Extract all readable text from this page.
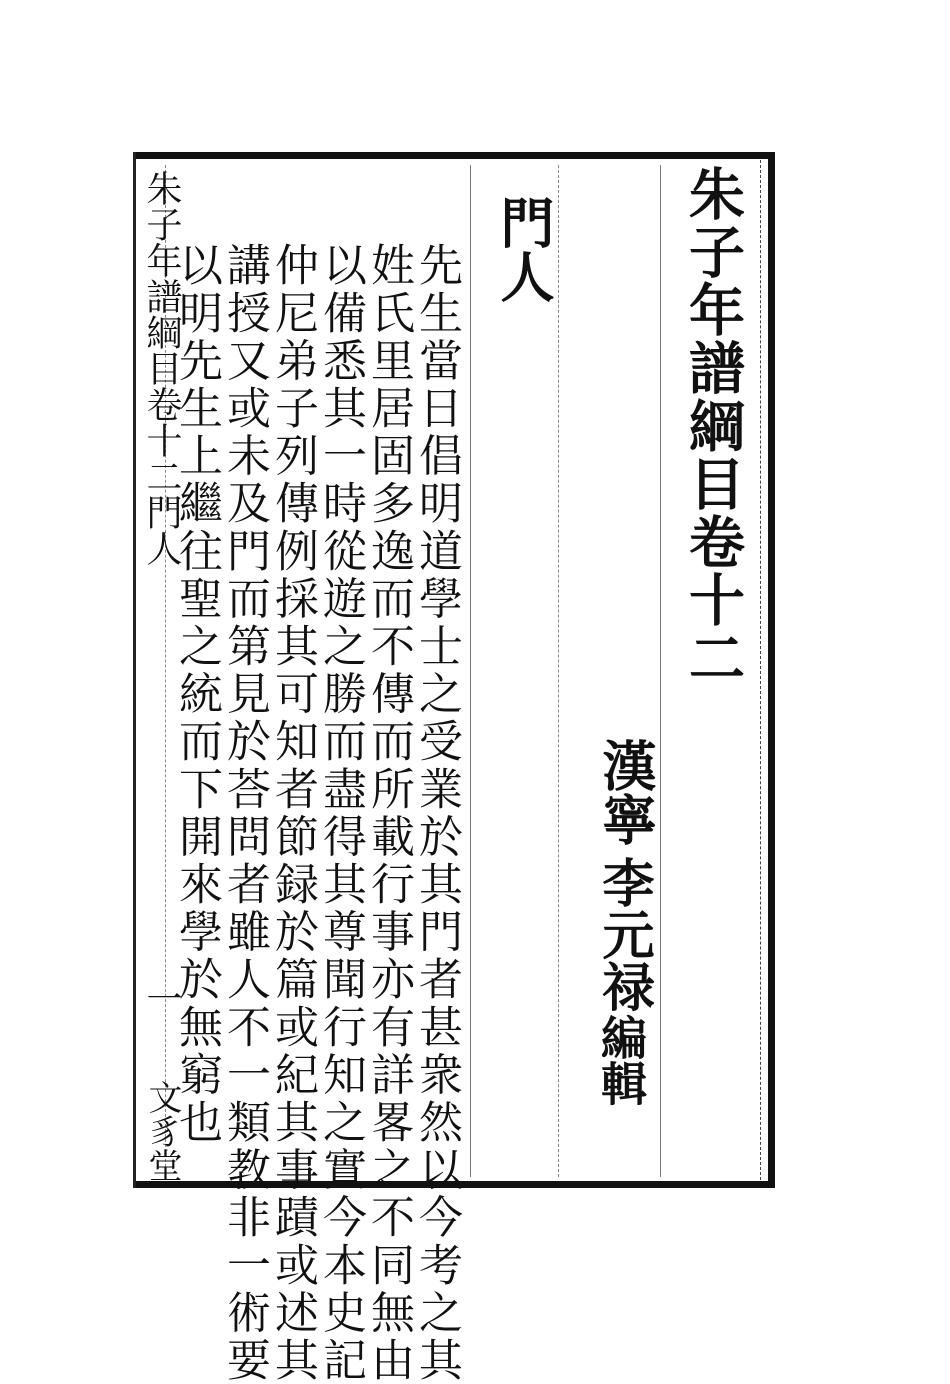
朱子年譜綱目卷十二
門人
先生當日倡明道學士之受業於其門者甚衆然以今考之其
姓氏里居固多逸而不傳而所載行事亦有詳畧之不同無由
以備悉其一時從遊之勝而盡得其尊聞行知之實今本史記
仲尼弟子列傳例採其可知者節録於篇或紀其事蹟或述其
講授又或未及門而第見於荅問者雖人不一類教非一術要
以明先生上繼往聖之統而下開來學於無窮也	漢寧
李元禄
編輯
朱子年譜綱目卷十二門人
一
文豸堂
